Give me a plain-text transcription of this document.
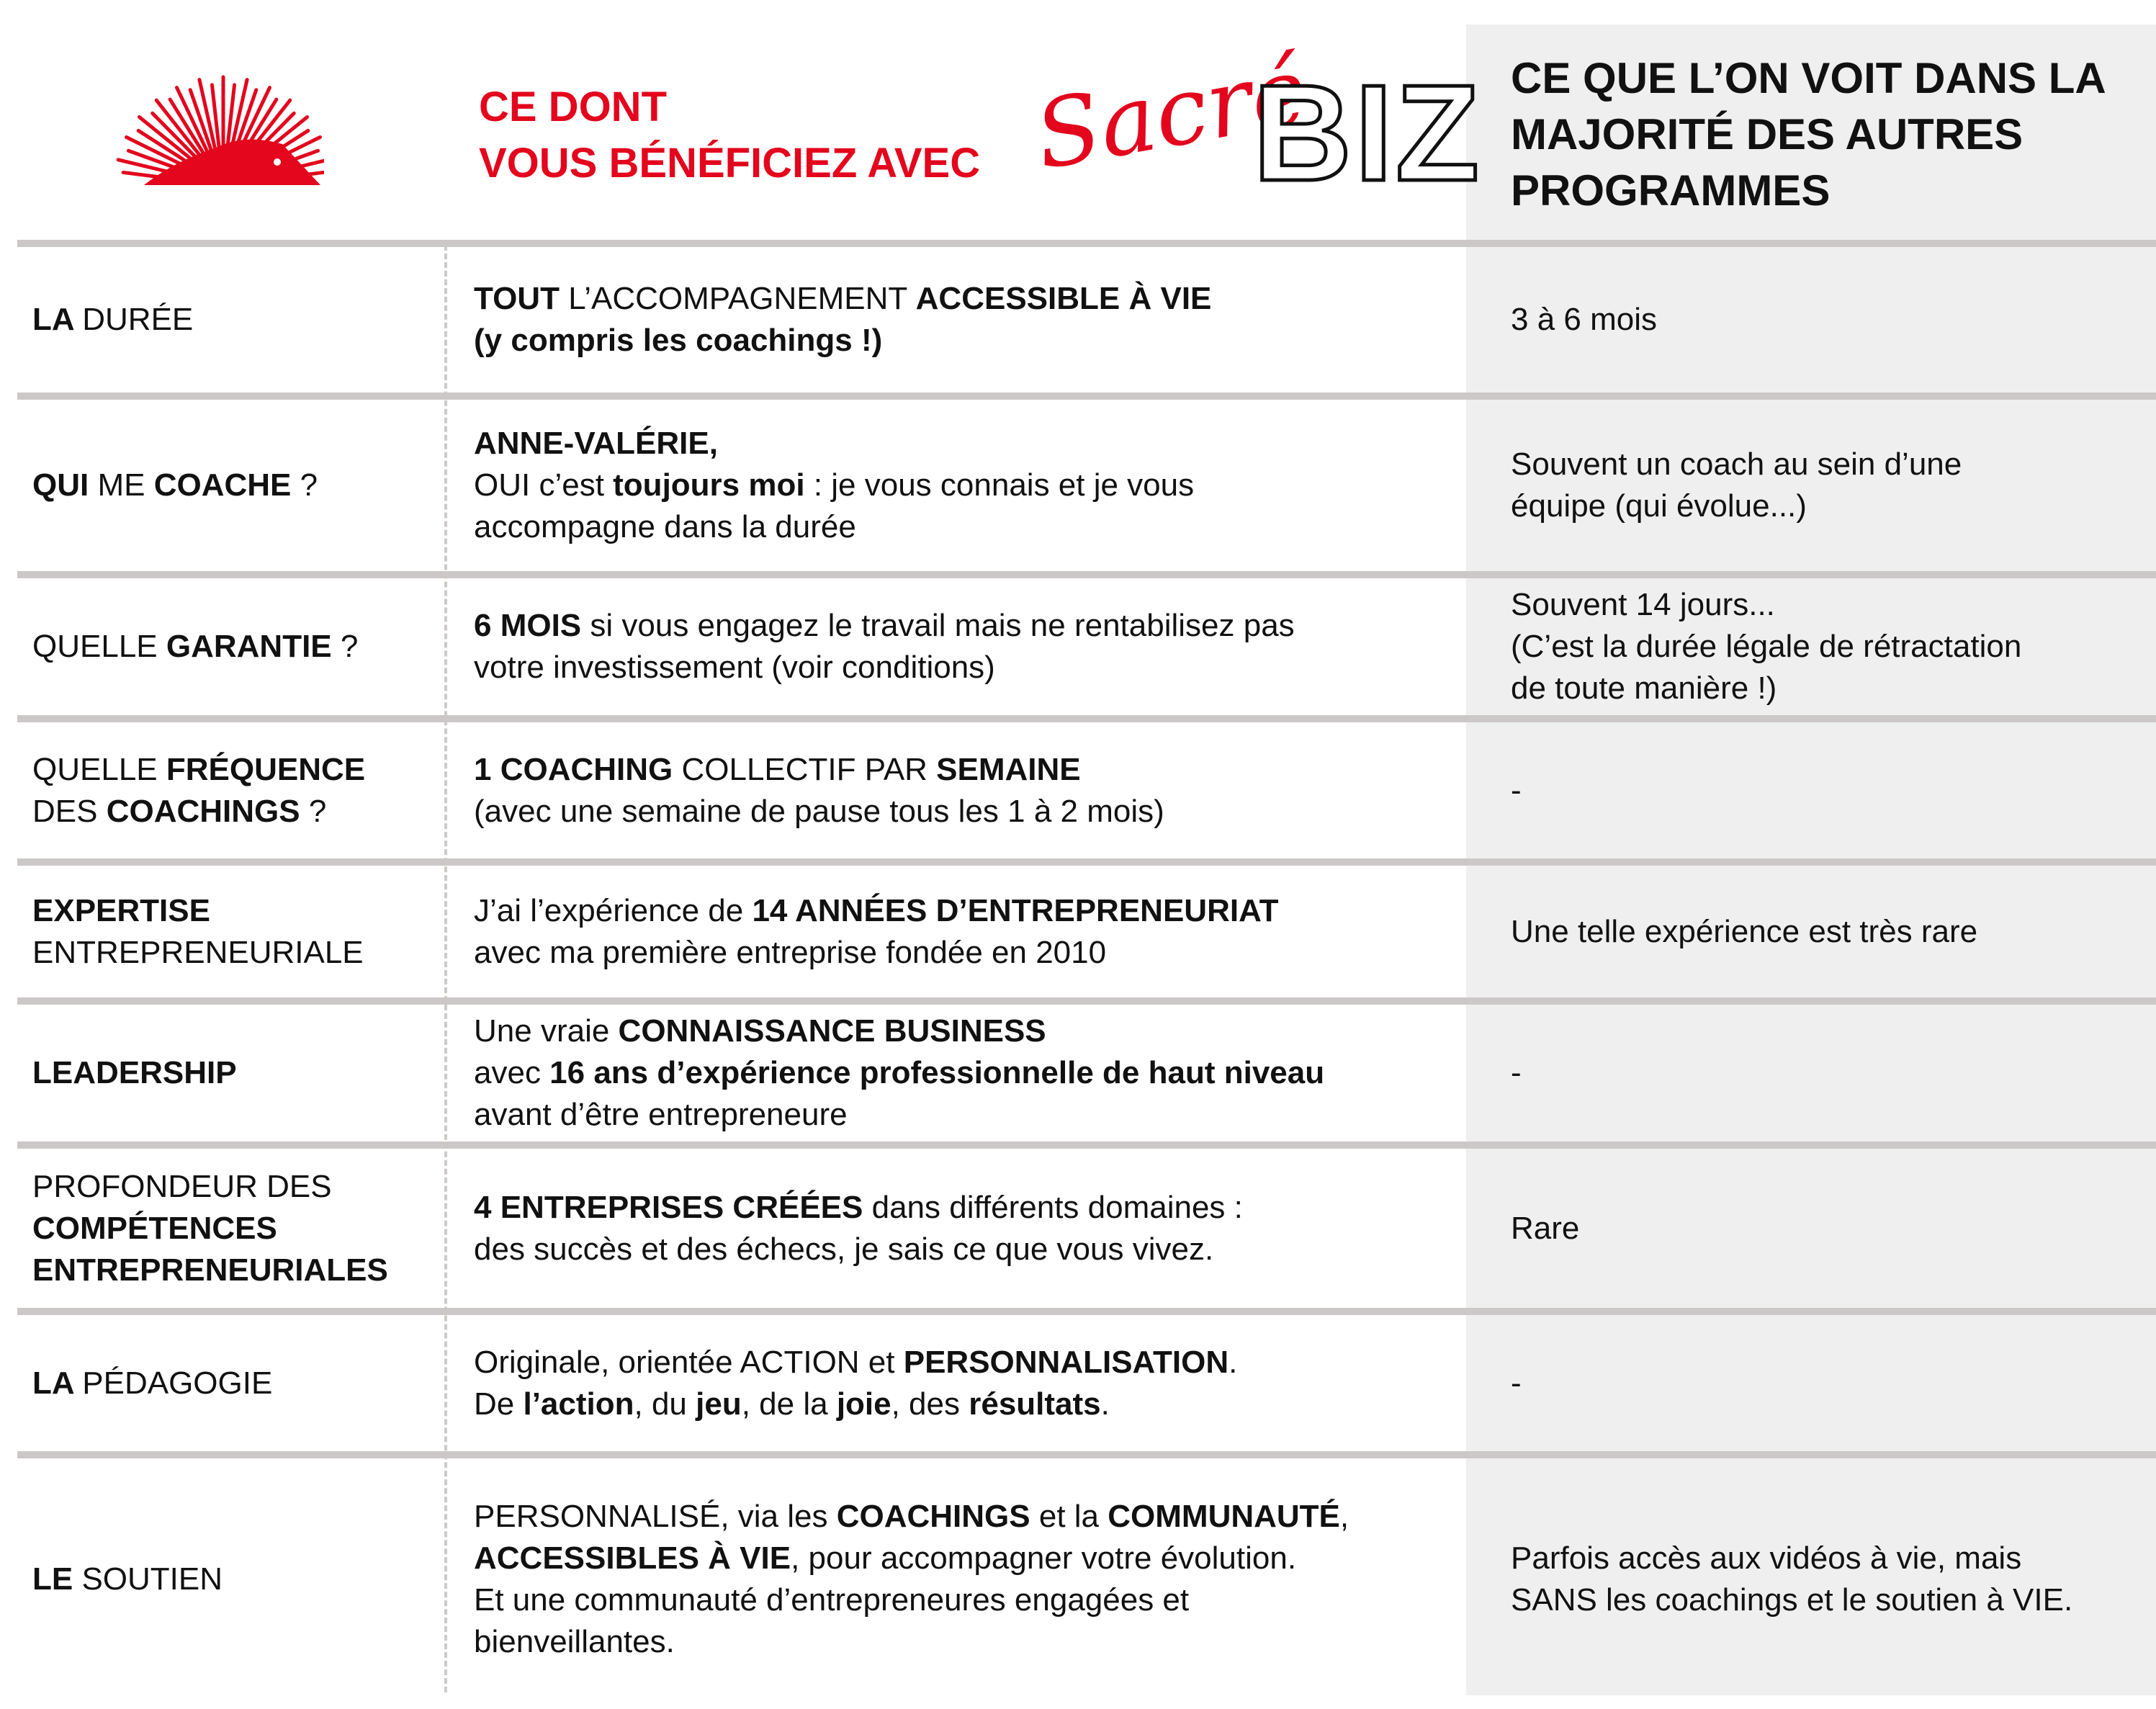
CE DONT
VOUS BÉNÉFICIEZ AVEC Sacré
BIZ CE QUE L’ON VOIT DANS LA
MAJORITÉ DES AUTRES
PROGRAMMES
LA DURÉE
TOUT L’ACCOMPAGNEMENT ACCESSIBLE À VIE
(y compris les coachings !)
3 à 6 mois
QUI ME COACHE ?
ANNE-VALÉRIE,
OUI c’est toujours moi : je vous connais et je vous
accompagne dans la durée
Souvent un coach au sein d’une
équipe (qui évolue...)
QUELLE GARANTIE ?
6 MOIS si vous engagez le travail mais ne rentabilisez pas
votre investissement (voir conditions)
Souvent 14 jours...
(C’est la durée légale de rétractation
de toute manière !)
QUELLE FRÉQUENCE
DES COACHINGS ?
1 COACHING COLLECTIF PAR SEMAINE
(avec une semaine de pause tous les 1 à 2 mois)
-
EXPERTISE
ENTREPRENEURIALE
J’ai l’expérience de 14 ANNÉES D’ENTREPRENEURIAT
avec ma première entreprise fondée en 2010
Une telle expérience est très rare
LEADERSHIP
Une vraie CONNAISSANCE BUSINESS
avec 16 ans d’expérience professionnelle de haut niveau
avant d’être entrepreneure
-
PROFONDEUR DES
COMPÉTENCES
ENTREPRENEURIALES
4 ENTREPRISES CRÉÉES dans différents domaines :
des succès et des échecs, je sais ce que vous vivez.
Rare
LA PÉDAGOGIE
Originale, orientée ACTION et PERSONNALISATION.
De l’action, du jeu, de la joie, des résultats.
-
LE SOUTIEN
PERSONNALISÉ, via les COACHINGS et la COMMUNAUTÉ,
ACCESSIBLES À VIE, pour accompagner votre évolution.
Et une communauté d’entrepreneures engagées et
bienveillantes.
Parfois accès aux vidéos à vie, mais
SANS les coachings et le soutien à VIE.
